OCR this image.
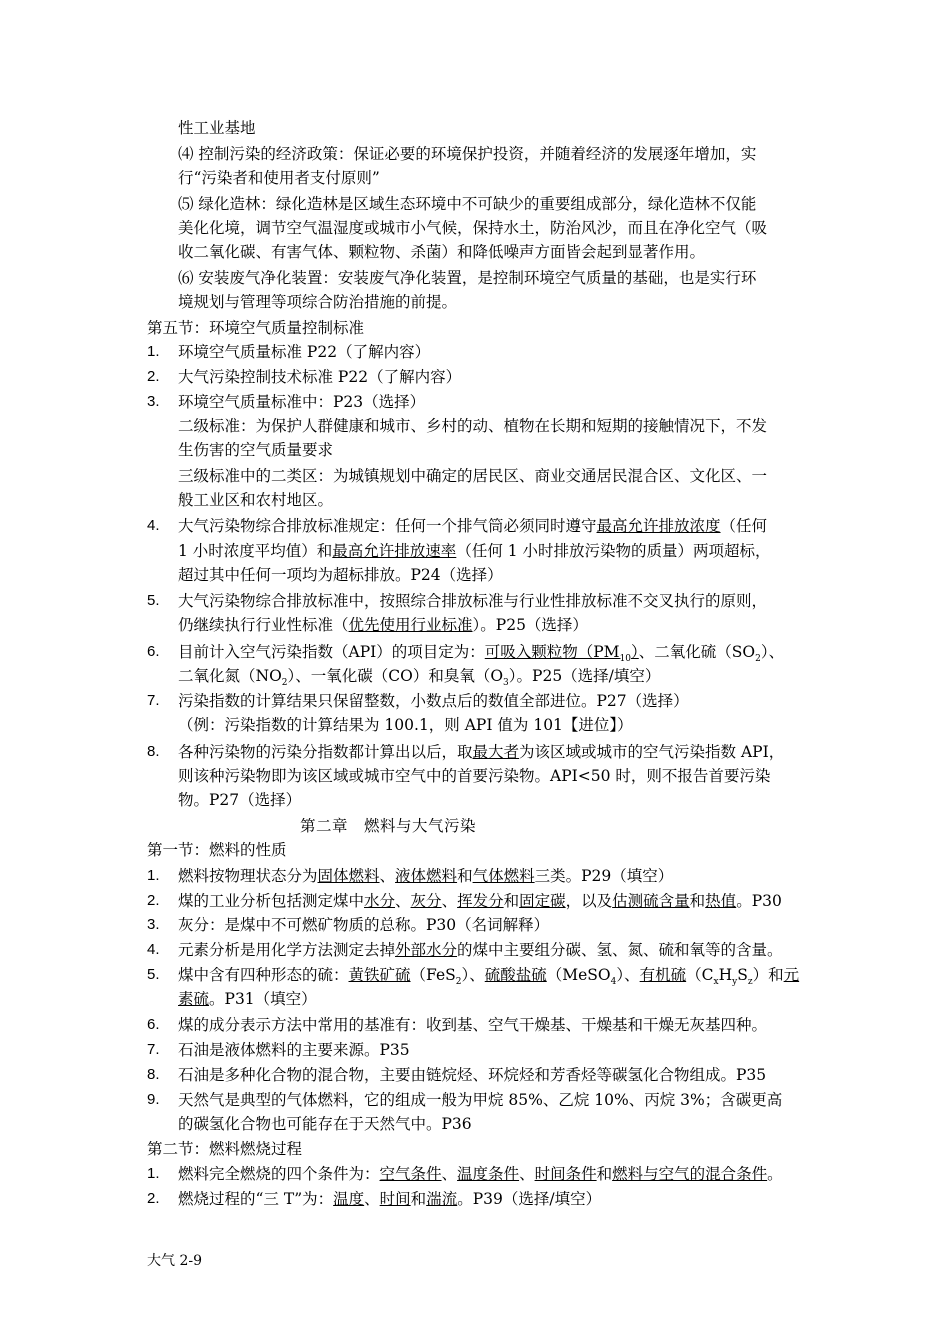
性工业基地
⑷ 控制污染的经济政策：保证必要的环境保护投资，并随着经济的发展逐年增加，实
行“污染者和使用者支付原则”
⑸ 绿化造林：绿化造林是区域生态环境中不可缺少的重要组成部分，绿化造林不仅能
美化化境，调节空气温湿度或城市小气候，保持水土，防治风沙，而且在净化空气（吸
收二氧化碳、有害气体、颗粒物、杀菌）和降低噪声方面皆会起到显著作用。
⑹ 安装废气净化装置：安装废气净化装置，是控制环境空气质量的基础，也是实行环
境规划与管理等项综合防治措施的前提。
第五节：环境空气质量控制标准
1. 环境空气质量标准 P22（了解内容）
2. 大气污染控制技术标准 P22（了解内容）
3. 环境空气质量标准中：P23（选择）
二级标准：为保护人群健康和城市、乡村的动、植物在长期和短期的接触情况下，不发
生伤害的空气质量要求
三级标准中的二类区：为城镇规划中确定的居民区、商业交通居民混合区、文化区、一
般工业区和农村地区。
4. 大气污染物综合排放标准规定：任何一个排气筒必须同时遵守最高允许排放浓度（任何
1 小时浓度平均值）和最高允许排放速率（任何 1 小时排放污染物的质量）两项超标，
超过其中任何一项均为超标排放。P24（选择）
5. 大气污染物综合排放标准中，按照综合排放标准与行业性排放标准不交叉执行的原则，
仍继续执行行业性标准（优先使用行业标准）。P25（选择）
6. 目前计入空气污染指数（API）的项目定为：可吸入颗粒物$(PM_{10})$、二氧化硫$(SO_2)$、
二氧化氮$(NO_2)$、一氧化碳（CO）和臭氧$(O_3)$。P25（选择/填空）
7. 污染指数的计算结果只保留整数，小数点后的数值全部进位。P27（选择）
（例：污染指数的计算结果为 100.1，则 API 值为 101【进位】）
8. 各种污染物的污染分指数都计算出以后，取最大者为该区域或城市的空气污染指数 API，
则该种污染物即为该区域或城市空气中的首要污染物。API<50 时，则不报告首要污染
物。P27（选择）
第二章　燃料与大气污染
第一节：燃料的性质
1. 燃料按物理状态分为固体燃料、液体燃料和气体燃料三类。P29（填空）
2. 煤的工业分析包括测定煤中水分、灰分、挥发分和固定碳，以及估测硫含量和热值。P30
3. 灰分：是煤中不可燃矿物质的总称。P30（名词解释）
4. 元素分析是用化学方法测定去掉外部水分的煤中主要组分碳、氢、氮、硫和氧等的含量。
5. 煤中含有四种形态的硫：黄铁矿硫（FeS$_2$）、硫酸盐硫（MeSO$_4$）、有机硫$(C_xH_yS_z)$和元
素硫。P31（填空）
6. 煤的成分表示方法中常用的基准有：收到基、空气干燥基、干燥基和干燥无灰基四种。
7. 石油是液体燃料的主要来源。P35
8. 石油是多种化合物的混合物，主要由链烷烃、环烷烃和芳香烃等碳氢化合物组成。P35
9. 天然气是典型的气体燃料，它的组成一般为甲烷 85%、乙烷 10%、丙烷 3%；含碳更高
的碳氢化合物也可能存在于天然气中。P36
第二节：燃料燃烧过程
1. 燃料完全燃烧的四个条件为：空气条件、温度条件、时间条件和燃料与空气的混合条件。
2. 燃烧过程的“三 T”为：温度、时间和湍流。P39（选择/填空）
大气 2-9
